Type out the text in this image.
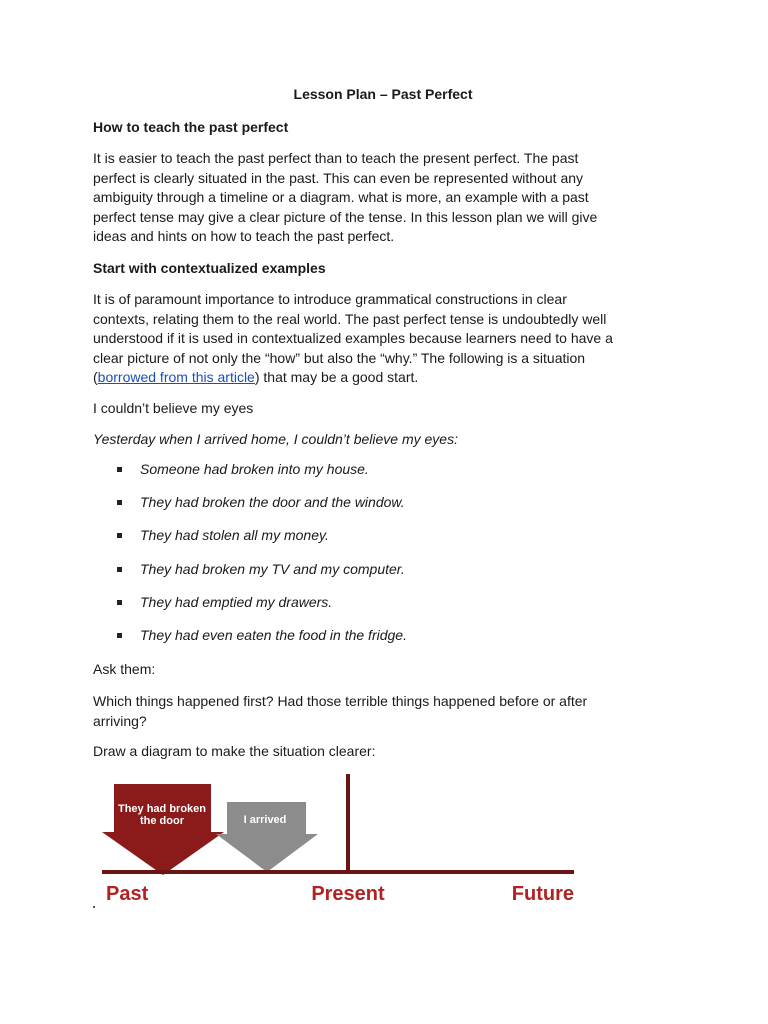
Lesson Plan – Past Perfect

How to teach the past perfect

It is easier to teach the past perfect than to teach the present perfect. The past

perfect is clearly situated in the past. This can even be represented without any

ambiguity through a timeline or a diagram. what is more, an example with a past

perfect tense may give a clear picture of the tense. In this lesson plan we will give

ideas and hints on how to teach the past perfect.

Start with contextualized examples

It is of paramount importance to introduce grammatical constructions in clear

contexts, relating them to the real world. The past perfect tense is undoubtedly well

understood if it is used in contextualized examples because learners need to have a

clear picture of not only the “how” but also the “why.” The following is a situation

(borrowed from this article) that may be a good start.

I couldn’t believe my eyes

Yesterday when I arrived home, I couldn’t believe my eyes:

Someone had broken into my house.
They had broken the door and the window.
They had stolen all my money.
They had broken my TV and my computer.
They had emptied my drawers.
They had even eaten the food in the fridge.

Ask them:

Which things happened first? Had those terrible things happened before or after

arriving?

Draw a diagram to make the situation clearer:

They had broken
the door	I arrived
Past	Present	Future
